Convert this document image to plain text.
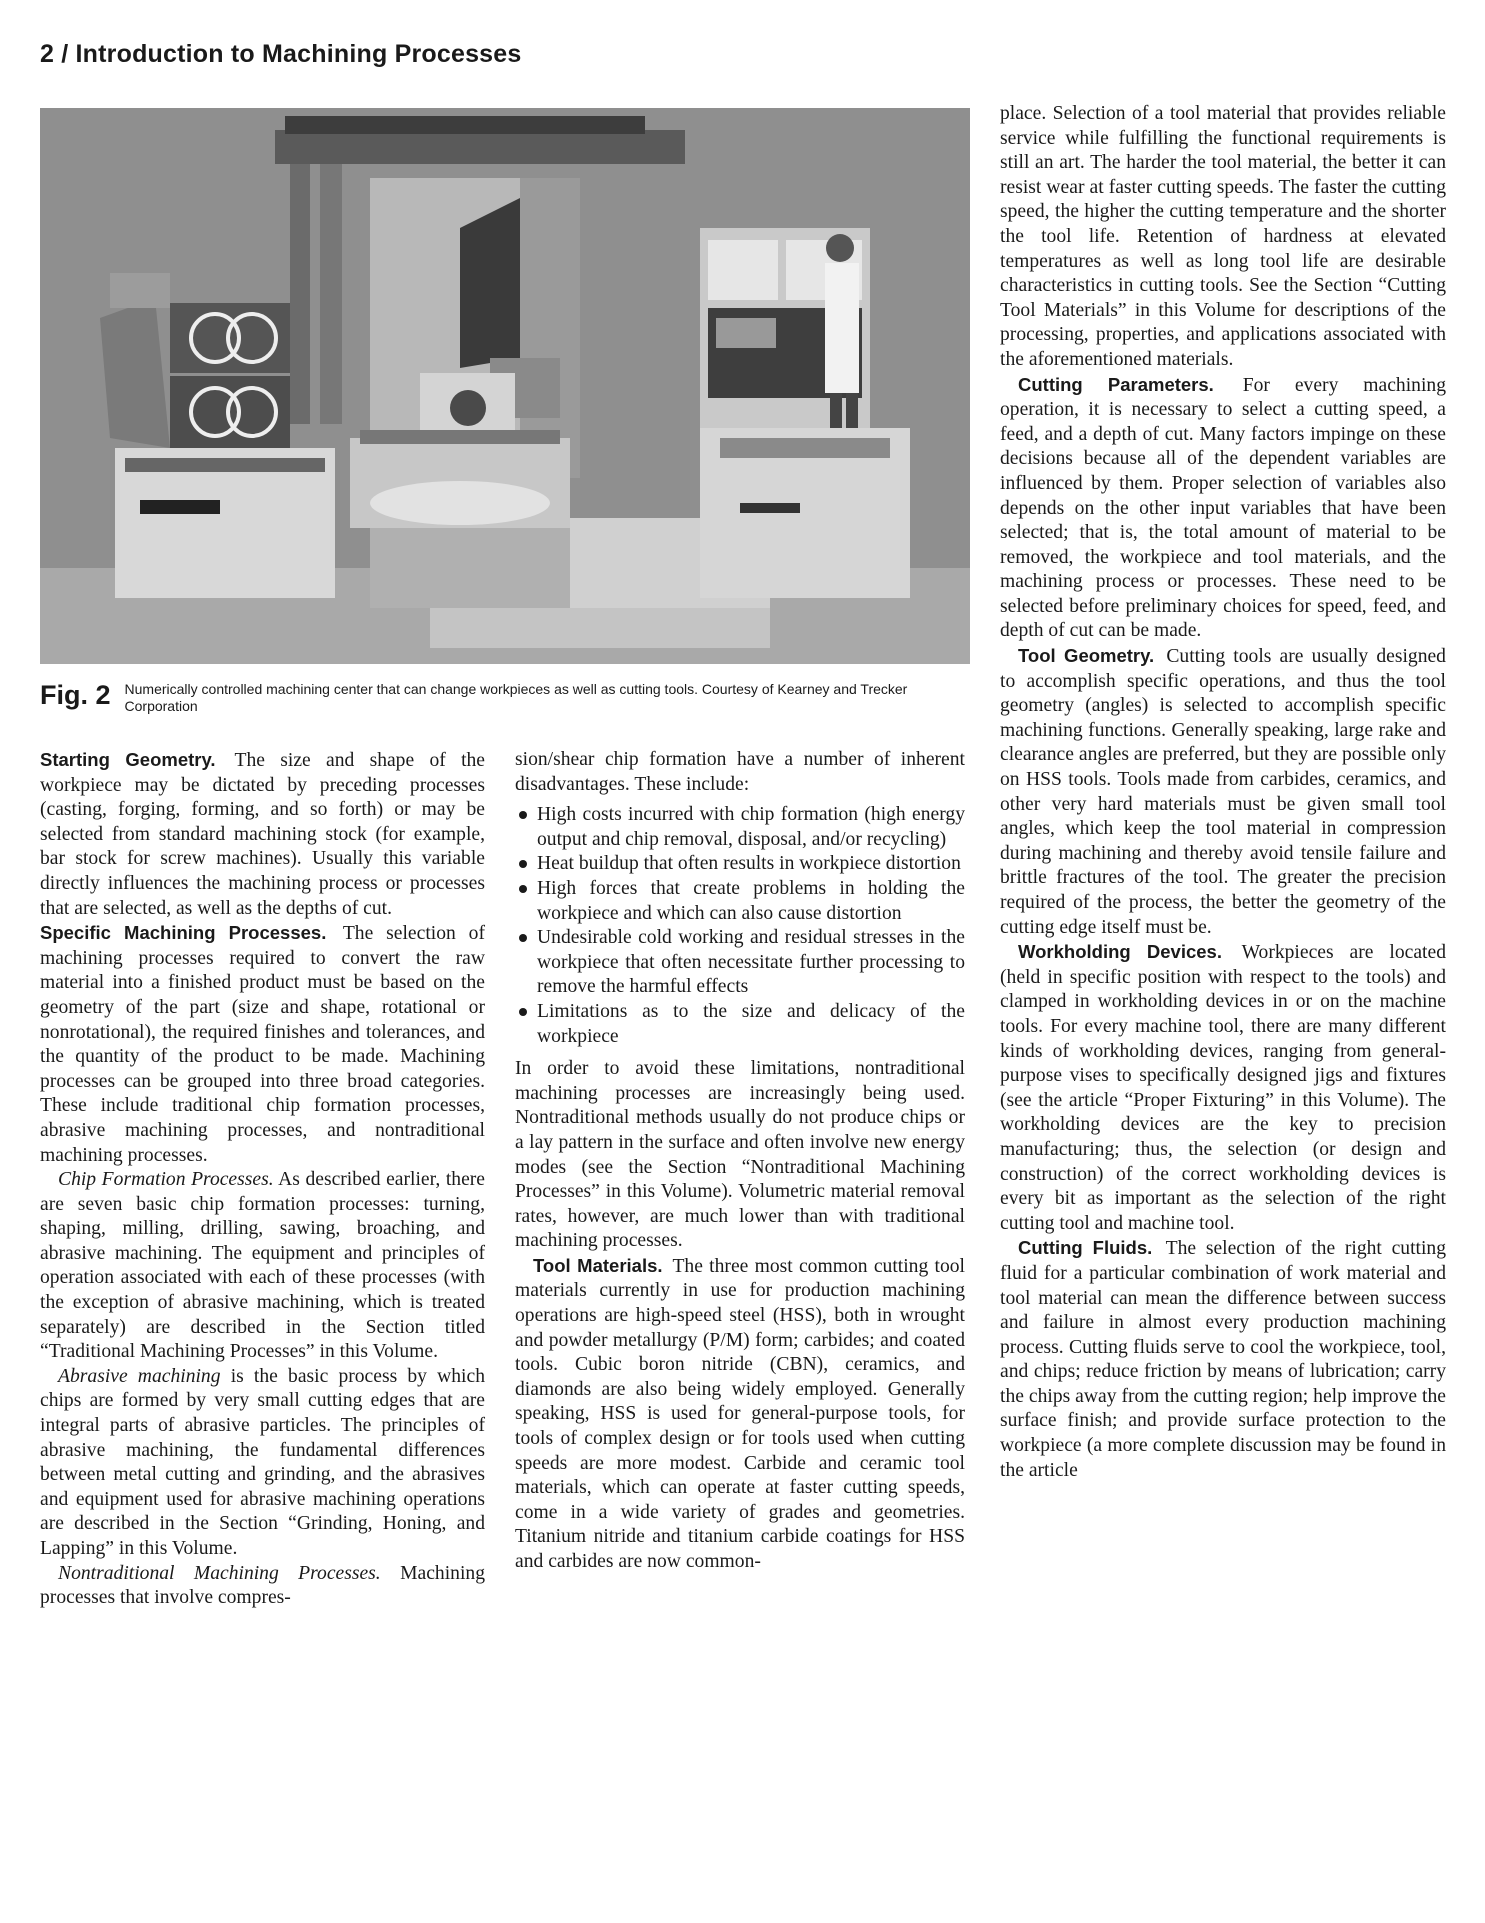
2 / Introduction to Machining Processes
Fig. 2 Numerically controlled machining center that can change workpieces as well as cutting tools. Courtesy of Kearney and Trecker Corporation

Starting Geometry. The size and shape of the workpiece may be dictated by preceding processes (casting, forging, forming, and so forth) or may be selected from standard machining stock (for example, bar stock for screw machines). Usually this variable directly influences the machining process or processes that are selected, as well as the depths of cut.

Specific Machining Processes. The selection of machining processes required to convert the raw material into a finished product must be based on the geometry of the part (size and shape, rotational or nonrotational), the required finishes and tolerances, and the quantity of the product to be made. Machining processes can be grouped into three broad categories. These include traditional chip formation processes, abrasive machining processes, and nontraditional machining processes.

Chip Formation Processes. As described earlier, there are seven basic chip formation processes: turning, shaping, milling, drilling, sawing, broaching, and abrasive machining. The equipment and principles of operation associated with each of these processes (with the exception of abrasive machining, which is treated separately) are described in the Section titled “Traditional Machining Processes” in this Volume.

Abrasive machining is the basic process by which chips are formed by very small cutting edges that are integral parts of abrasive particles. The principles of abrasive machining, the fundamental differences between metal cutting and grinding, and the abrasives and equipment used for abrasive machining operations are described in the Section “Grinding, Honing, and Lapping” in this Volume.

Nontraditional Machining Processes. Machining processes that involve compres-

sion/shear chip formation have a number of inherent disadvantages. These include:

High costs incurred with chip formation (high energy output and chip removal, disposal, and/or recycling)
Heat buildup that often results in workpiece distortion
High forces that create problems in holding the workpiece and which can also cause distortion
Undesirable cold working and residual stresses in the workpiece that often necessitate further processing to remove the harmful effects
Limitations as to the size and delicacy of the workpiece

In order to avoid these limitations, nontraditional machining processes are increasingly being used. Nontraditional methods usually do not produce chips or a lay pattern in the surface and often involve new energy modes (see the Section “Nontraditional Machining Processes” in this Volume). Volumetric material removal rates, however, are much lower than with traditional machining processes.

Tool Materials. The three most common cutting tool materials currently in use for production machining operations are high-speed steel (HSS), both in wrought and powder metallurgy (P/M) form; carbides; and coated tools. Cubic boron nitride (CBN), ceramics, and diamonds are also being widely employed. Generally speaking, HSS is used for general-purpose tools, for tools of complex design or for tools used when cutting speeds are more modest. Carbide and ceramic tool materials, which can operate at faster cutting speeds, come in a wide variety of grades and geometries. Titanium nitride and titanium carbide coatings for HSS and carbides are now common-

place. Selection of a tool material that provides reliable service while fulfilling the functional requirements is still an art. The harder the tool material, the better it can resist wear at faster cutting speeds. The faster the cutting speed, the higher the cutting temperature and the shorter the tool life. Retention of hardness at elevated temperatures as well as long tool life are desirable characteristics in cutting tools. See the Section “Cutting Tool Materials” in this Volume for descriptions of the processing, properties, and applications associated with the aforementioned materials.

Cutting Parameters. For every machining operation, it is necessary to select a cutting speed, a feed, and a depth of cut. Many factors impinge on these decisions because all of the dependent variables are influenced by them. Proper selection of variables also depends on the other input variables that have been selected; that is, the total amount of material to be removed, the workpiece and tool materials, and the machining process or processes. These need to be selected before preliminary choices for speed, feed, and depth of cut can be made.

Tool Geometry. Cutting tools are usually designed to accomplish specific operations, and thus the tool geometry (angles) is selected to accomplish specific machining functions. Generally speaking, large rake and clearance angles are preferred, but they are possible only on HSS tools. Tools made from carbides, ceramics, and other very hard materials must be given small tool angles, which keep the tool material in compression during machining and thereby avoid tensile failure and brittle fractures of the tool. The greater the precision required of the process, the better the geometry of the cutting edge itself must be.

Workholding Devices. Workpieces are located (held in specific position with respect to the tools) and clamped in workholding devices in or on the machine tools. For every machine tool, there are many different kinds of workholding devices, ranging from general-purpose vises to specifically designed jigs and fixtures (see the article “Proper Fixturing” in this Volume). The workholding devices are the key to precision manufacturing; thus, the selection (or design and construction) of the correct workholding devices is every bit as important as the selection of the right cutting tool and machine tool.

Cutting Fluids. The selection of the right cutting fluid for a particular combination of work material and tool material can mean the difference between success and failure in almost every production machining process. Cutting fluids serve to cool the workpiece, tool, and chips; reduce friction by means of lubrication; carry the chips away from the cutting region; help improve the surface finish; and provide surface protection to the workpiece (a more complete discussion may be found in the article
